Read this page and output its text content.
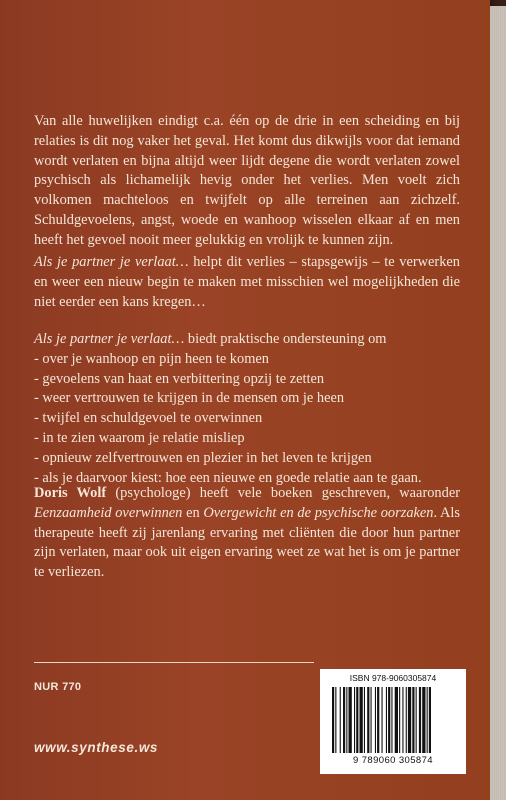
Van alle huwelijken eindigt c.a. één op de drie in een scheiding en bij relaties is dit nog vaker het geval. Het komt dus dikwijls voor dat iemand wordt verlaten en bijna altijd weer lijdt degene die wordt verlaten zowel psychisch als lichamelijk hevig onder het verlies. Men voelt zich volkomen machteloos en twijfelt op alle terreinen aan zichzelf. Schuldgevoelens, angst, woede en wanhoop wisselen elkaar af en men heeft het gevoel nooit meer gelukkig en vrolijk te kunnen zijn.

Als je partner je verlaat… helpt dit verlies – stapsgewijs – te verwerken en weer een nieuw begin te maken met misschien wel mogelijkheden die niet eerder een kans kregen…

Als je partner je verlaat… biedt praktische ondersteuning om

- over je wanhoop en pijn heen te komen
- gevoelens van haat en verbittering opzij te zetten
- weer vertrouwen te krijgen in de mensen om je heen
- twijfel en schuldgevoel te overwinnen
- in te zien waarom je relatie misliep
- opnieuw zelfvertrouwen en plezier in het leven te krijgen
- als je daarvoor kiest: hoe een nieuwe en goede relatie aan te gaan.

Doris Wolf (psychologe) heeft vele boeken geschreven, waaronder Eenzaamheid overwinnen en Overgewicht en de psychische oorzaken. Als therapeute heeft zij jarenlang ervaring met cliënten die door hun partner zijn verlaten, maar ook uit eigen ervaring weet ze wat het is om je partner te verliezen.

NUR 770
www.synthese.ws
ISBN 978-9060305874
9 789060 305874
